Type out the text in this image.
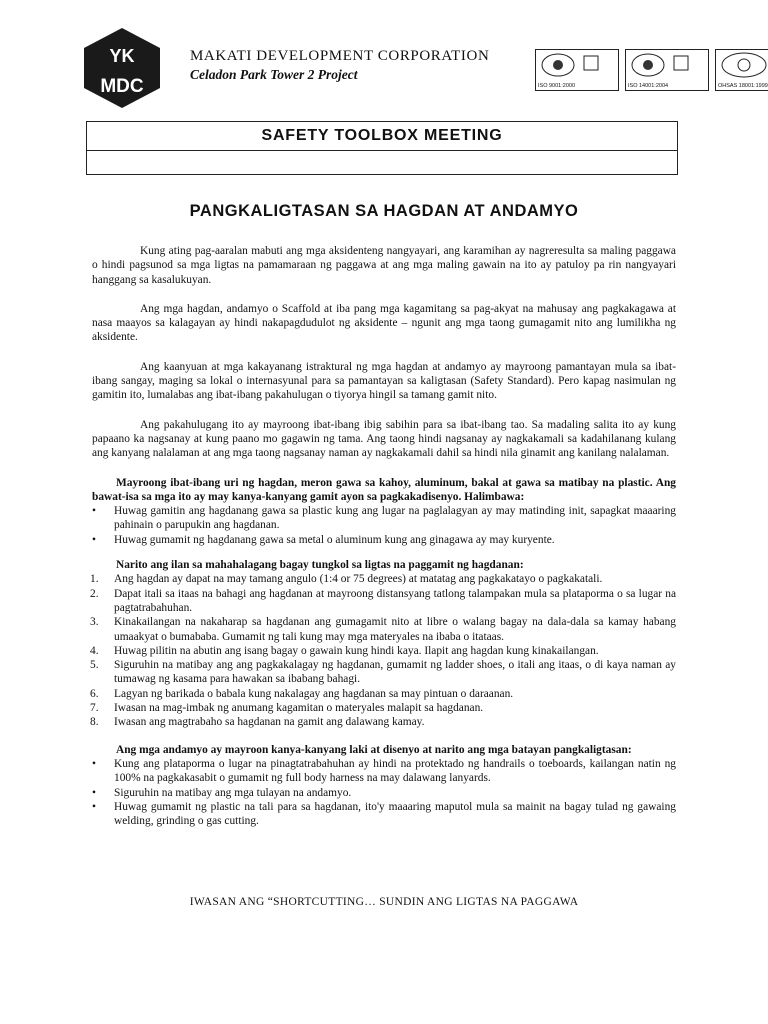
YK
MDC
MAKATI DEVELOPMENT CORPORATION
Celadon Park Tower 2 Project
ISO 9001:2000	ISO 14001:2004	OHSAS 18001:1999
SAFETY TOOLBOX MEETING
PANGKALIGTASAN SA HAGDAN AT ANDAMYO

Kung ating pag-aaralan mabuti ang mga aksidenteng nangyayari, ang karamihan ay nagreresulta sa maling paggawa o hindi pagsunod sa mga ligtas na pamamaraan ng paggawa at ang mga maling gawain na ito ay patuloy pa rin nangyayari hanggang sa kasalukuyan.

Ang mga hagdan, andamyo o Scaffold at iba pang mga kagamitang sa pag-akyat na mahusay ang pagkakagawa at nasa maayos sa kalagayan ay hindi nakapagdudulot ng aksidente – ngunit ang mga taong gumagamit nito ang lumilikha ng aksidente.

Ang kaanyuan at mga kakayanang istraktural ng mga hagdan at andamyo ay mayroong pamantayan mula sa ibat-ibang sangay, maging sa lokal o internasyunal para sa pamantayan sa kaligtasan (Safety Standard). Pero kapag nasimulan ng gamitin ito, lumalabas ang ibat-ibang pakahulugan o tiyorya hingil sa tamang gamit nito.

Ang pakahulugang ito ay mayroong ibat-ibang ibig sabihin para sa ibat-ibang tao. Sa madaling salita ito ay kung papaano ka nagsanay at kung paano mo gagawin ng tama. Ang taong hindi nagsanay ay nagkakamali sa kadahilanang kulang ang kanyang nalalaman at ang mga taong nagsanay naman ay nagkakamali dahil sa hindi nila ginamit ang kanilang nalalaman.

Mayroong ibat-ibang uri ng hagdan, meron gawa sa kahoy, aluminum, bakal at gawa sa matibay na plastic. Ang bawat-isa sa mga ito ay may kanya-kanyang gamit ayon sa pagkakadisenyo. Halimbawa:

• Huwag gamitin ang hagdanang gawa sa plastic kung ang lugar na paglalagyan ay may matinding init, sapagkat maaaring pahinain o parupukin ang hagdanan.
• Huwag gumamit ng hagdanang gawa sa metal o aluminum kung ang ginagawa ay may kuryente.

Narito ang ilan sa mahahalagang bagay tungkol sa ligtas na paggamit ng hagdanan:

1. Ang hagdan ay dapat na may tamang angulo (1:4 or 75 degrees) at matatag ang pagkakatayo o pagkakatali.
2. Dapat itali sa itaas na bahagi ang hagdanan at mayroong distansyang tatlong talampakan mula sa plataporma o sa lugar na pagtatrabahuhan.
3. Kinakailangan na nakaharap sa hagdanan ang gumagamit nito at libre o walang bagay na dala-dala sa kamay habang umaakyat o bumababa. Gumamit ng tali kung may mga materyales na ibaba o itataas.
4. Huwag pilitin na abutin ang isang bagay o gawain kung hindi kaya. Ilapit ang hagdan kung kinakailangan.
5. Siguruhin na matibay ang ang pagkakalagay ng hagdanan, gumamit ng ladder shoes, o itali ang itaas, o di kaya naman ay tumawag ng kasama para hawakan sa ibabang bahagi.
6. Lagyan ng barikada o babala kung nakalagay ang hagdanan sa may pintuan o daraanan.
7. Iwasan na mag-imbak ng anumang kagamitan o materyales malapit sa hagdanan.
8. Iwasan ang magtrabaho sa hagdanan na gamit ang dalawang kamay.

Ang mga andamyo ay mayroon kanya-kanyang laki at disenyo at narito ang mga batayan pangkaligtasan:

• Kung ang plataporma o lugar na pinagtatrabahuhan ay hindi na protektado ng handrails o toeboards, kailangan natin ng 100% na pagkakasabit o gumamit ng full body harness na may dalawang lanyards.
• Siguruhin na matibay ang mga tulayan na andamyo.
• Huwag gumamit ng plastic na tali para sa hagdanan, ito'y maaaring maputol mula sa mainit na bagay tulad ng gawaing welding, grinding o gas cutting.
IWASAN ANG “SHORTCUTTING… SUNDIN ANG LIGTAS NA PAGGAWA
